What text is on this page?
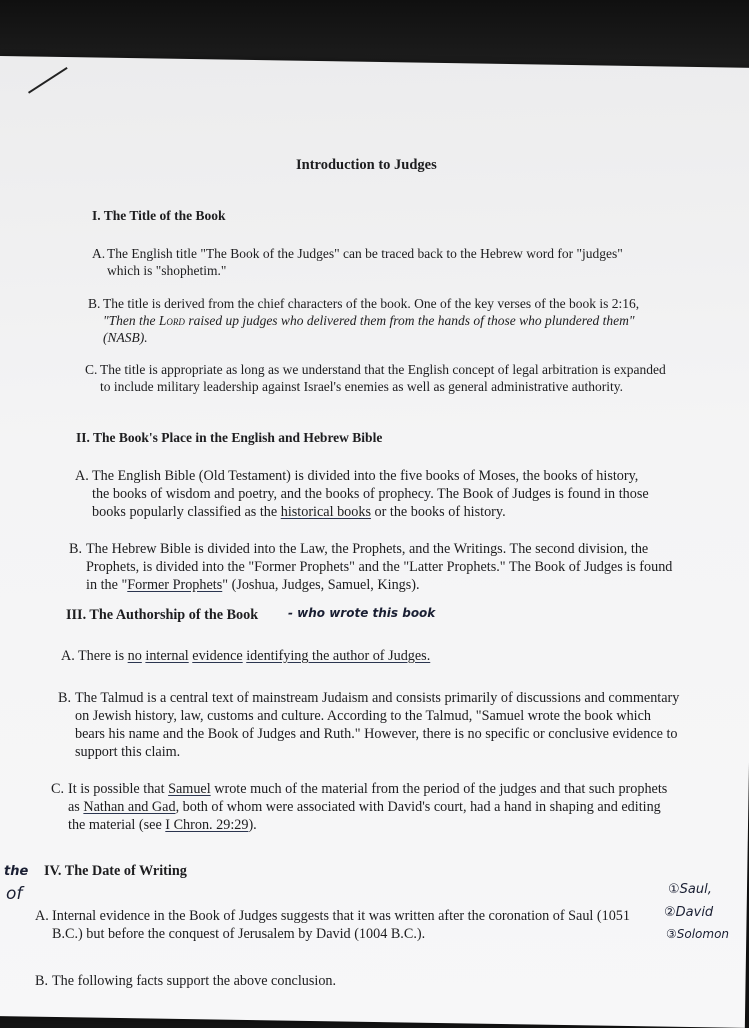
Introduction to Judges
I. The Title of the Book
A. The English title "The Book of the Judges" can be traced back to the Hebrew word for "judges" which is "shophetim."
B. The title is derived from the chief characters of the book. One of the key verses of the book is 2:16, "Then the Lord raised up judges who delivered them from the hands of those who plundered them" (NASB).
C. The title is appropriate as long as we understand that the English concept of legal arbitration is expanded to include military leadership against Israel's enemies as well as general administrative authority.
II. The Book's Place in the English and Hebrew Bible
A. The English Bible (Old Testament) is divided into the five books of Moses, the books of history, the books of wisdom and poetry, and the books of prophecy. The Book of Judges is found in those books popularly classified as the historical books or the books of history.
B. The Hebrew Bible is divided into the Law, the Prophets, and the Writings. The second division, the Prophets, is divided into the "Former Prophets" and the "Latter Prophets." The Book of Judges is found in the "Former Prophets" (Joshua, Judges, Samuel, Kings).
III. The Authorship of the Book - who wrote this book
A. There is no internal evidence identifying the author of Judges.
B. The Talmud is a central text of mainstream Judaism and consists primarily of discussions and commentary on Jewish history, law, customs and culture. According to the Talmud, "Samuel wrote the book which bears his name and the Book of Judges and Ruth." However, there is no specific or conclusive evidence to support this claim.
C. It is possible that Samuel wrote much of the material from the period of the judges and that such prophets as Nathan and Gad, both of whom were associated with David's court, had a hand in shaping and editing the material (see I Chron. 29:29).
the IV. The Date of Writing
of
A. Internal evidence in the Book of Judges suggests that it was written after the coronation of Saul (1051 B.C.) but before the conquest of Jerusalem by David (1004 B.C.).
①Saul,
②David
③Solomon
B. The following facts support the above conclusion.
